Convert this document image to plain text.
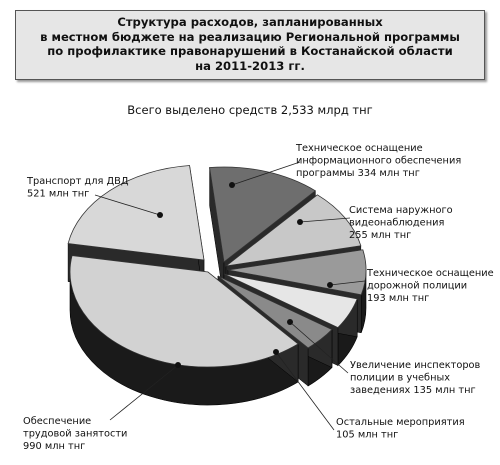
Структура расходов, запланированных
в местном бюджете на реализацию Региональной программы
по профилактике правонарушений в Костанайской области
на 2011-2013 гг.
Всего выделено средств 2,533 млрд тнг
Техническое оснащение информационного обеспечения программы 334 млн тнг
Система наружного видеонаблюдения 255 млн тнг
Техническое оснащение дорожной полиции 193 млн тнг
Увеличение инспекторов полиции в учебных заведениях 135 млн тнг
Остальные мероприятия 105 млн тнг
Обеспечение трудовой занятости 990 млн тнг
Транспорт для ДВД 521 млн тнг
